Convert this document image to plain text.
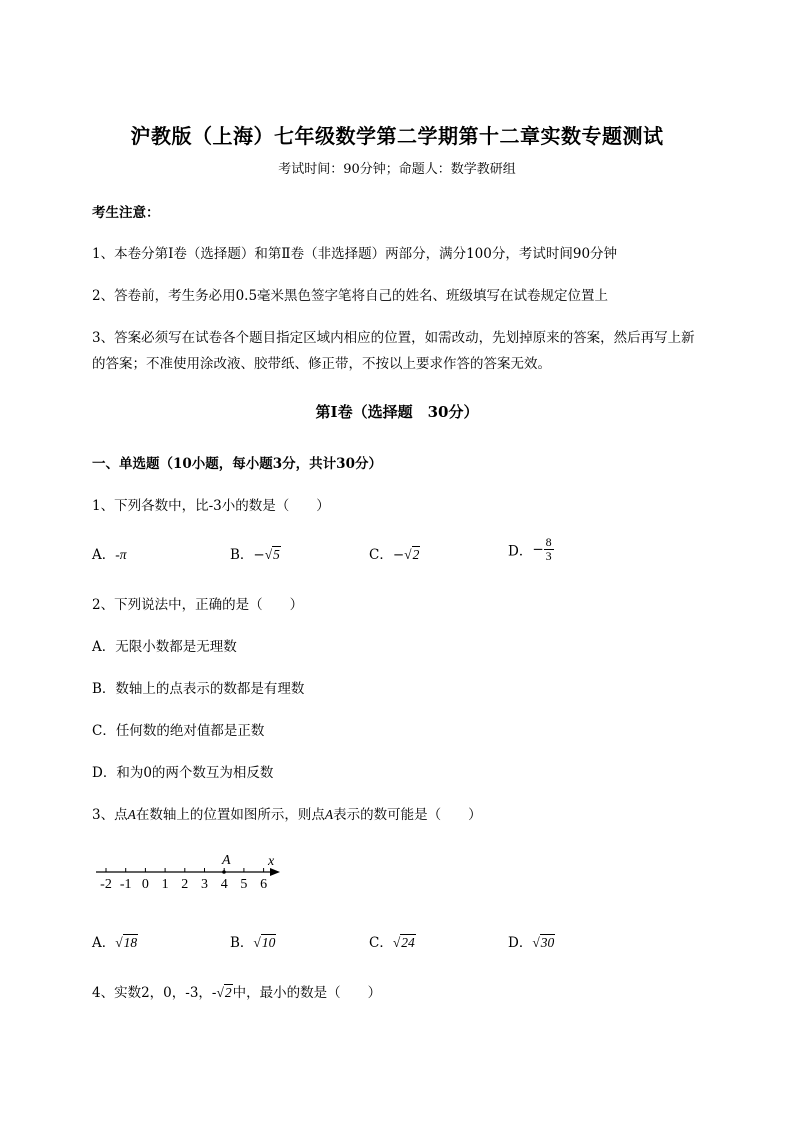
沪教版（上海）七年级数学第二学期第十二章实数专题测试
考试时间：90分钟；命题人：数学教研组
考生注意：
1、本卷分第Ⅰ卷（选择题）和第Ⅱ卷（非选择题）两部分，满分100分，考试时间90分钟
2、答卷前，考生务必用0.5毫米黑色签字笔将自己的姓名、班级填写在试卷规定位置上
3、答案必须写在试卷各个题目指定区域内相应的位置，如需改动，先划掉原来的答案，然后再写上新
的答案；不准使用涂改液、胶带纸、修正带，不按以上要求作答的答案无效。
第Ⅰ卷（选择题　30分）
一、单选题（10小题，每小题3分，共计30分）
1、下列各数中，比-3小的数是（　　）
A．-π	B．−√5	C．−√2	D．− $\frac{8}{3}$
2、下列说法中，正确的是（　　）
A．无限小数都是无理数
B．数轴上的点表示的数都是有理数
C．任何数的绝对值都是正数
D．和为0的两个数互为相反数
3、点A在数轴上的位置如图所示，则点A表示的数可能是（　　）
-2 -1 0 1 2 3 4 5 6
A	x
A．√18	B．√10	C．√24	D．√30
4、实数2，0，-3，-√2中，最小的数是（　　）
